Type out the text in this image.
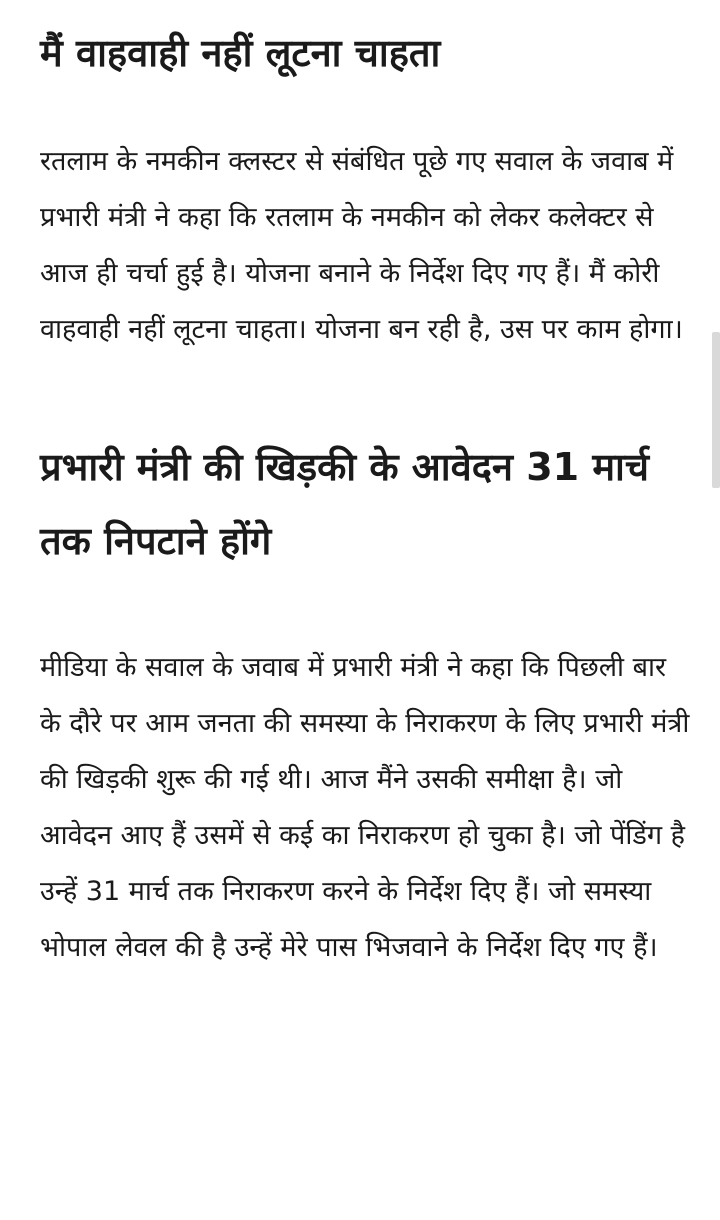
मैं वाहवाही नहीं लूटना चाहता

रतलाम के नमकीन क्लस्टर से संबंधित पूछे गए सवाल के जवाब में प्रभारी मंत्री ने कहा कि रतलाम के नमकीन को लेकर कलेक्टर से आज ही चर्चा हुई है। योजना बनाने के निर्देश दिए गए हैं। मैं कोरी वाहवाही नहीं लूटना चाहता। योजना बन रही है, उस पर काम होगा।

प्रभारी मंत्री की खिड़की के आवेदन 31 मार्च तक निपटाने होंगे

मीडिया के सवाल के जवाब में प्रभारी मंत्री ने कहा कि पिछली बार के दौरे पर आम जनता की समस्या के निराकरण के लिए प्रभारी मंत्री की खिड़की शुरू की गई थी। आज मैंने उसकी समीक्षा है। जो आवेदन आए हैं उसमें से कई का निराकरण हो चुका है। जो पेंडिंग है उन्हें 31 मार्च तक निराकरण करने के निर्देश दिए हैं। जो समस्या भोपाल लेवल की है उन्हें मेरे पास भिजवाने के निर्देश दिए गए हैं।
